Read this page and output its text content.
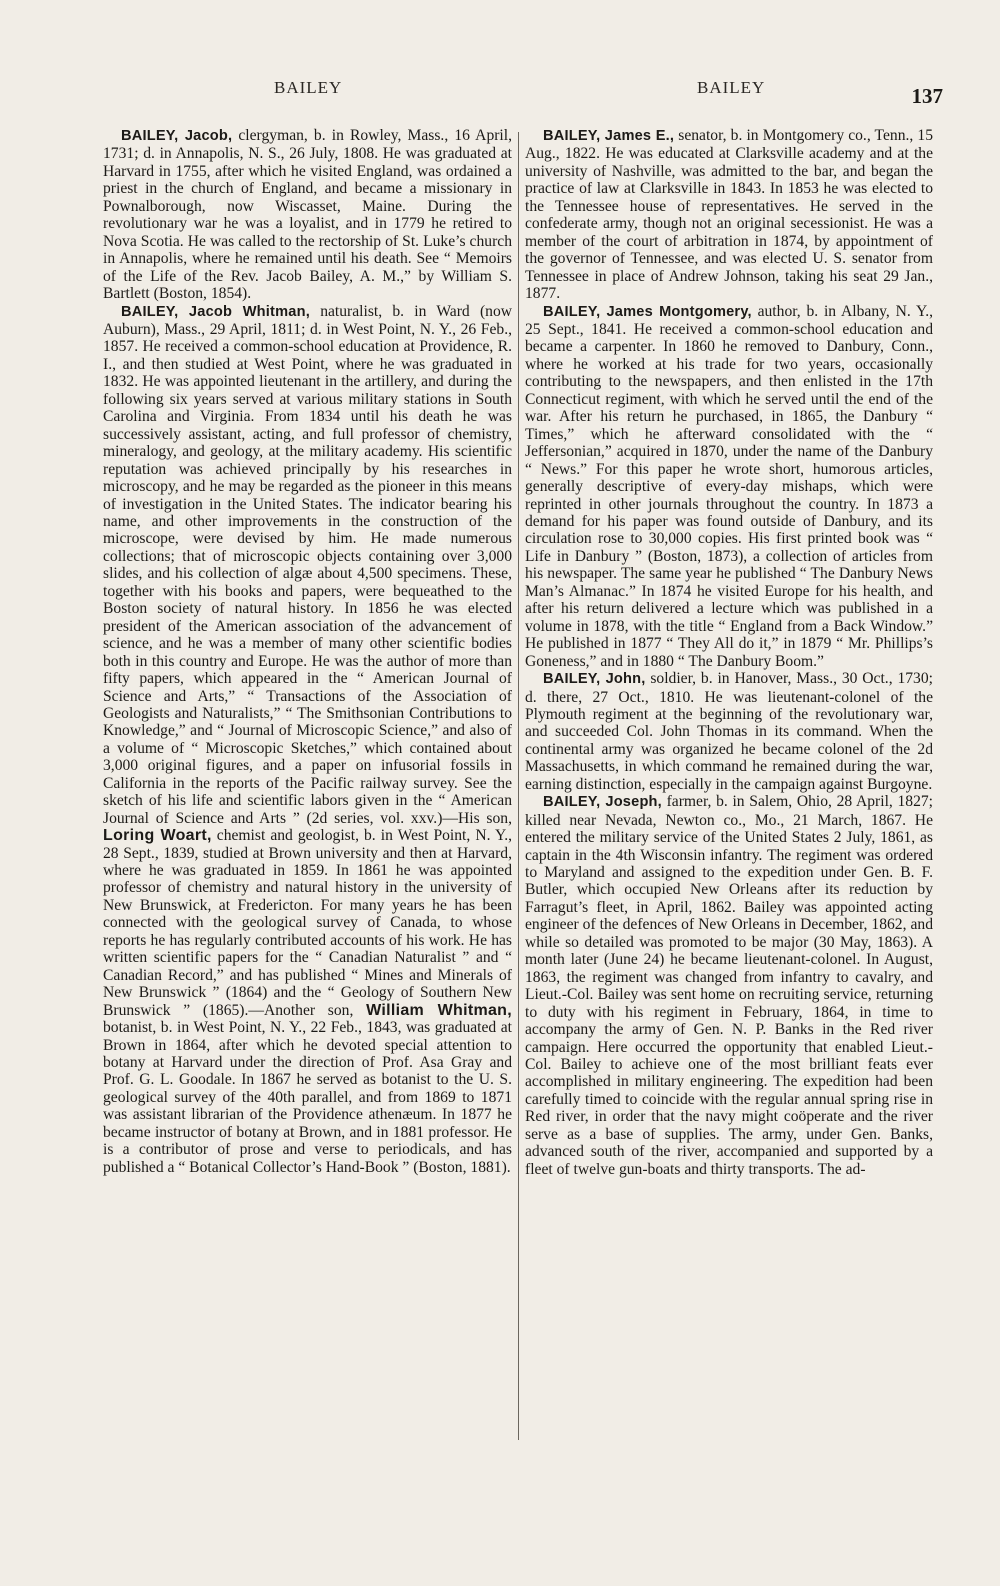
BAILEY	BAILEY	137

BAILEY, Jacob, clergyman, b. in Rowley, Mass., 16 April, 1731; d. in Annapolis, N. S., 26 July, 1808. He was graduated at Harvard in 1755, after which he visited England, was ordained a priest in the church of England, and became a missionary in Pownalborough, now Wiscasset, Maine. During the revolutionary war he was a loyalist, and in 1779 he retired to Nova Scotia. He was called to the rectorship of St. Luke’s church in Annapolis, where he remained until his death. See “ Memoirs of the Life of the Rev. Jacob Bailey, A. M.,” by William S. Bartlett (Boston, 1854).

BAILEY, Jacob Whitman, naturalist, b. in Ward (now Auburn), Mass., 29 April, 1811; d. in West Point, N. Y., 26 Feb., 1857. He received a common-school education at Providence, R. I., and then studied at West Point, where he was graduated in 1832. He was appointed lieutenant in the artillery, and during the following six years served at various military stations in South Carolina and Virginia. From 1834 until his death he was successively assistant, acting, and full professor of chemistry, mineralogy, and geology, at the military academy. His scientific reputation was achieved principally by his researches in microscopy, and he may be regarded as the pioneer in this means of investigation in the United States. The indicator bearing his name, and other improvements in the construction of the microscope, were devised by him. He made numerous collections; that of microscopic objects containing over 3,000 slides, and his collection of algæ about 4,500 specimens. These, together with his books and papers, were bequeathed to the Boston society of natural history. In 1856 he was elected president of the American association of the advancement of science, and he was a member of many other scientific bodies both in this country and Europe. He was the author of more than fifty papers, which appeared in the “ American Journal of Science and Arts,” “ Transactions of the Association of Geologists and Naturalists,” “ The Smithsonian Contributions to Knowledge,” and “ Journal of Microscopic Science,” and also of a volume of “ Microscopic Sketches,” which contained about 3,000 original figures, and a paper on infusorial fossils in California in the reports of the Pacific railway survey. See the sketch of his life and scientific labors given in the “ American Journal of Science and Arts ” (2d series, vol. xxv.)—His son, Loring Woart, chemist and geologist, b. in West Point, N. Y., 28 Sept., 1839, studied at Brown university and then at Harvard, where he was graduated in 1859. In 1861 he was appointed professor of chemistry and natural history in the university of New Brunswick, at Fredericton. For many years he has been connected with the geological survey of Canada, to whose reports he has regularly contributed accounts of his work. He has written scientific papers for the “ Canadian Naturalist ” and “ Canadian Record,” and has published “ Mines and Minerals of New Brunswick ” (1864) and the “ Geology of Southern New Brunswick ” (1865).—Another son, William Whitman, botanist, b. in West Point, N. Y., 22 Feb., 1843, was graduated at Brown in 1864, after which he devoted special attention to botany at Harvard under the direction of Prof. Asa Gray and Prof. G. L. Goodale. In 1867 he served as botanist to the U. S. geological survey of the 40th parallel, and from 1869 to 1871 was assistant librarian of the Providence athenæum. In 1877 he became instructor of botany at Brown, and in 1881 professor. He is a contributor of prose and verse to periodicals, and has published a “ Botanical Collector’s Hand-Book ” (Boston, 1881).

BAILEY, James E., senator, b. in Montgomery co., Tenn., 15 Aug., 1822. He was educated at Clarksville academy and at the university of Nashville, was admitted to the bar, and began the practice of law at Clarksville in 1843. In 1853 he was elected to the Tennessee house of representatives. He served in the confederate army, though not an original secessionist. He was a member of the court of arbitration in 1874, by appointment of the governor of Tennessee, and was elected U. S. senator from Tennessee in place of Andrew Johnson, taking his seat 29 Jan., 1877.

BAILEY, James Montgomery, author, b. in Albany, N. Y., 25 Sept., 1841. He received a common-school education and became a carpenter. In 1860 he removed to Danbury, Conn., where he worked at his trade for two years, occasionally contributing to the newspapers, and then enlisted in the 17th Connecticut regiment, with which he served until the end of the war. After his return he purchased, in 1865, the Danbury “ Times,” which he afterward consolidated with the “ Jeffersonian,” acquired in 1870, under the name of the Danbury “ News.” For this paper he wrote short, humorous articles, generally descriptive of every-day mishaps, which were reprinted in other journals throughout the country. In 1873 a demand for his paper was found outside of Danbury, and its circulation rose to 30,000 copies. His first printed book was “ Life in Danbury ” (Boston, 1873), a collection of articles from his newspaper. The same year he published “ The Danbury News Man’s Almanac.” In 1874 he visited Europe for his health, and after his return delivered a lecture which was published in a volume in 1878, with the title “ England from a Back Window.” He published in 1877 “ They All do it,” in 1879 “ Mr. Phillips’s Goneness,” and in 1880 “ The Danbury Boom.”

BAILEY, John, soldier, b. in Hanover, Mass., 30 Oct., 1730; d. there, 27 Oct., 1810. He was lieutenant-colonel of the Plymouth regiment at the beginning of the revolutionary war, and succeeded Col. John Thomas in its command. When the continental army was organized he became colonel of the 2d Massachusetts, in which command he remained during the war, earning distinction, especially in the campaign against Burgoyne.

BAILEY, Joseph, farmer, b. in Salem, Ohio, 28 April, 1827; killed near Nevada, Newton co., Mo., 21 March, 1867. He entered the military service of the United States 2 July, 1861, as captain in the 4th Wisconsin infantry. The regiment was ordered to Maryland and assigned to the expedition under Gen. B. F. Butler, which occupied New Orleans after its reduction by Farragut’s fleet, in April, 1862. Bailey was appointed acting engineer of the defences of New Orleans in December, 1862, and while so detailed was promoted to be major (30 May, 1863). A month later (June 24) he became lieutenant-colonel. In August, 1863, the regiment was changed from infantry to cavalry, and Lieut.-Col. Bailey was sent home on recruiting service, returning to duty with his regiment in February, 1864, in time to accompany the army of Gen. N. P. Banks in the Red river campaign. Here occurred the opportunity that enabled Lieut.-Col. Bailey to achieve one of the most brilliant feats ever accomplished in military engineering. The expedition had been carefully timed to coincide with the regular annual spring rise in Red river, in order that the navy might coöperate and the river serve as a base of supplies. The army, under Gen. Banks, advanced south of the river, accompanied and supported by a fleet of twelve gun-boats and thirty transports. The ad-
